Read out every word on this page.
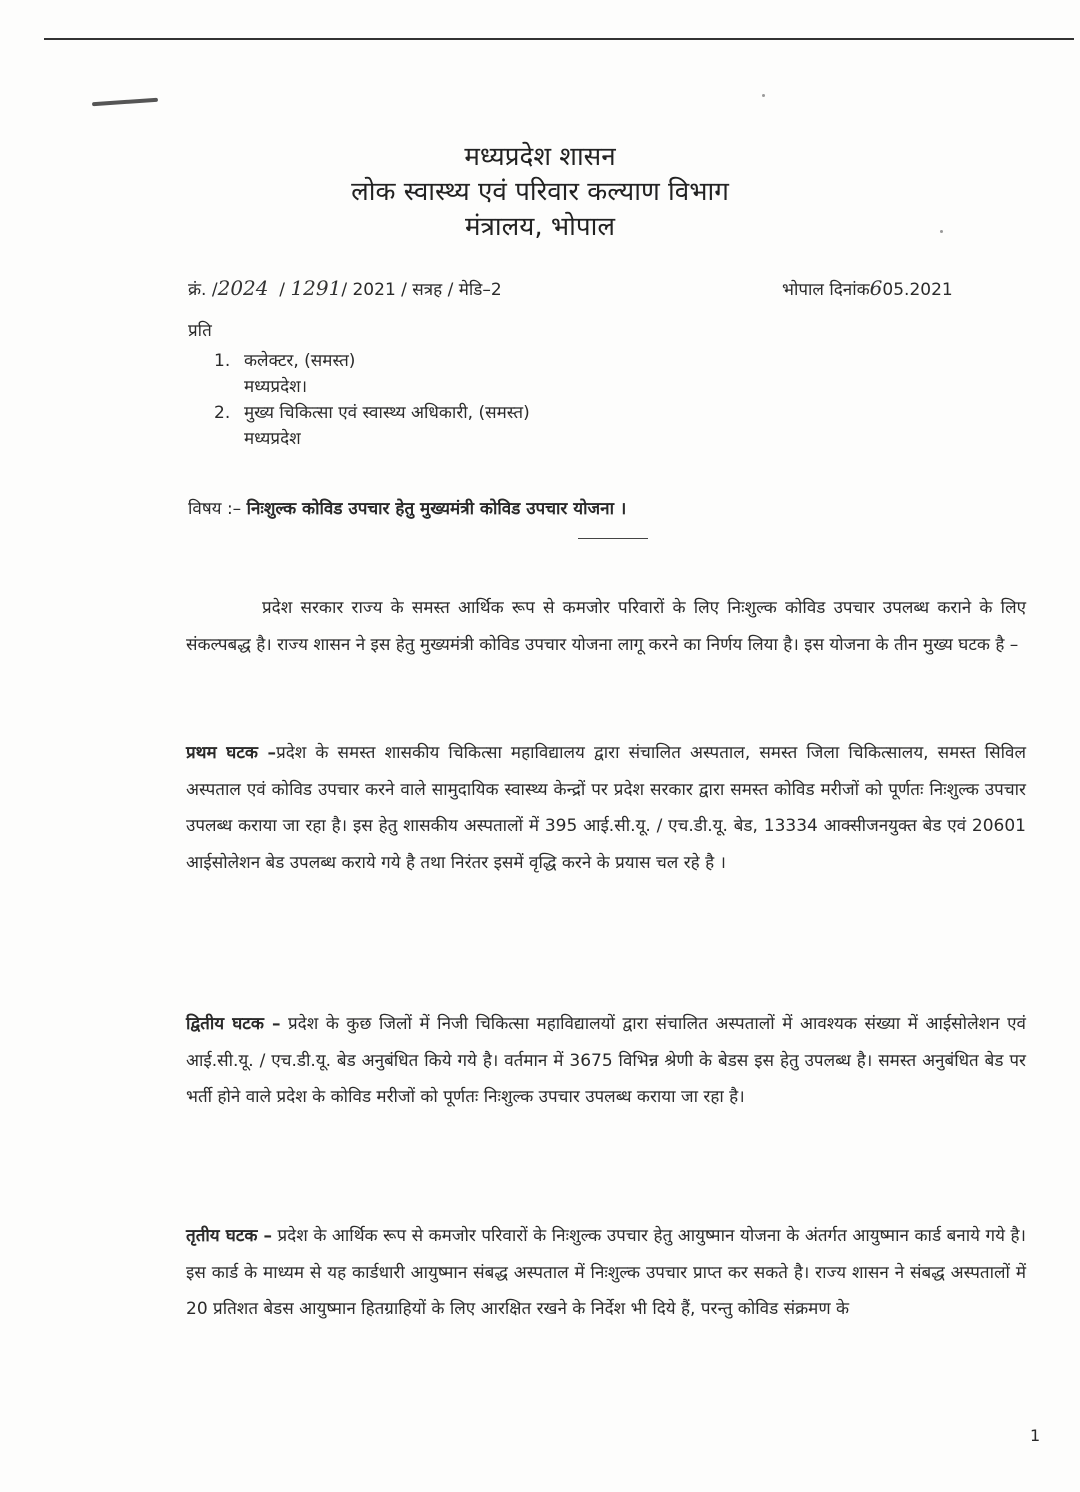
मध्यप्रदेश शासन
लोक स्वास्थ्य एवं परिवार कल्याण विभाग
मंत्रालय, भोपाल
क्रं. /2024  / 1291/ 2021 / सत्रह / मेडि–2	भोपाल दिनांक605.2021
प्रति
1. कलेक्टर, (समस्त)
मध्यप्रदेश।
2. मुख्य चिकित्सा एवं स्वास्थ्य अधिकारी, (समस्त)
मध्यप्रदेश
विषय :– निःशुल्क कोविड उपचार हेतु मुख्यमंत्री कोविड उपचार योजना ।
प्रदेश सरकार राज्य के समस्त आर्थिक रूप से कमजोर परिवारों के लिए निःशुल्क कोविड उपचार उपलब्ध कराने के लिए संकल्पबद्ध है। राज्य शासन ने इस हेतु मुख्यमंत्री कोविड उपचार योजना लागू करने का निर्णय लिया है। इस योजना के तीन मुख्य घटक है –
प्रथम घटक –प्रदेश के समस्त शासकीय चिकित्सा महाविद्यालय द्वारा संचालित अस्पताल, समस्त जिला चिकित्सालय, समस्त सिविल अस्पताल एवं कोविड उपचार करने वाले सामुदायिक स्वास्थ्य केन्द्रों पर प्रदेश सरकार द्वारा समस्त कोविड मरीजों को पूर्णतः निःशुल्क उपचार उपलब्ध कराया जा रहा है। इस हेतु शासकीय अस्पतालों में 395 आई.सी.यू. / एच.डी.यू. बेड, 13334 आक्सीजनयुक्त बेड एवं 20601 आईसोलेशन बेड उपलब्ध कराये गये है तथा निरंतर इसमें वृद्धि करने के प्रयास चल रहे है ।
द्वितीय घटक – प्रदेश के कुछ जिलों में निजी चिकित्सा महाविद्यालयों द्वारा संचालित अस्पतालों में आवश्यक संख्या में आईसोलेशन एवं आई.सी.यू. / एच.डी.यू. बेड अनुबंधित किये गये है। वर्तमान में 3675 विभिन्न श्रेणी के बेडस इस हेतु उपलब्ध है। समस्त अनुबंधित बेड पर भर्ती होने वाले प्रदेश के कोविड मरीजों को पूर्णतः निःशुल्क उपचार उपलब्ध कराया जा रहा है।
तृतीय घटक – प्रदेश के आर्थिक रूप से कमजोर परिवारों के निःशुल्क उपचार हेतु आयुष्मान योजना के अंतर्गत आयुष्मान कार्ड बनाये गये है। इस कार्ड के माध्यम से यह कार्डधारी आयुष्मान संबद्ध अस्पताल में निःशुल्क उपचार प्राप्त कर सकते है। राज्य शासन ने संबद्ध अस्पतालों में 20 प्रतिशत बेडस आयुष्मान हितग्राहियों के लिए आरक्षित रखने के निर्देश भी दिये हैं, परन्तु कोविड संक्रमण के
1
